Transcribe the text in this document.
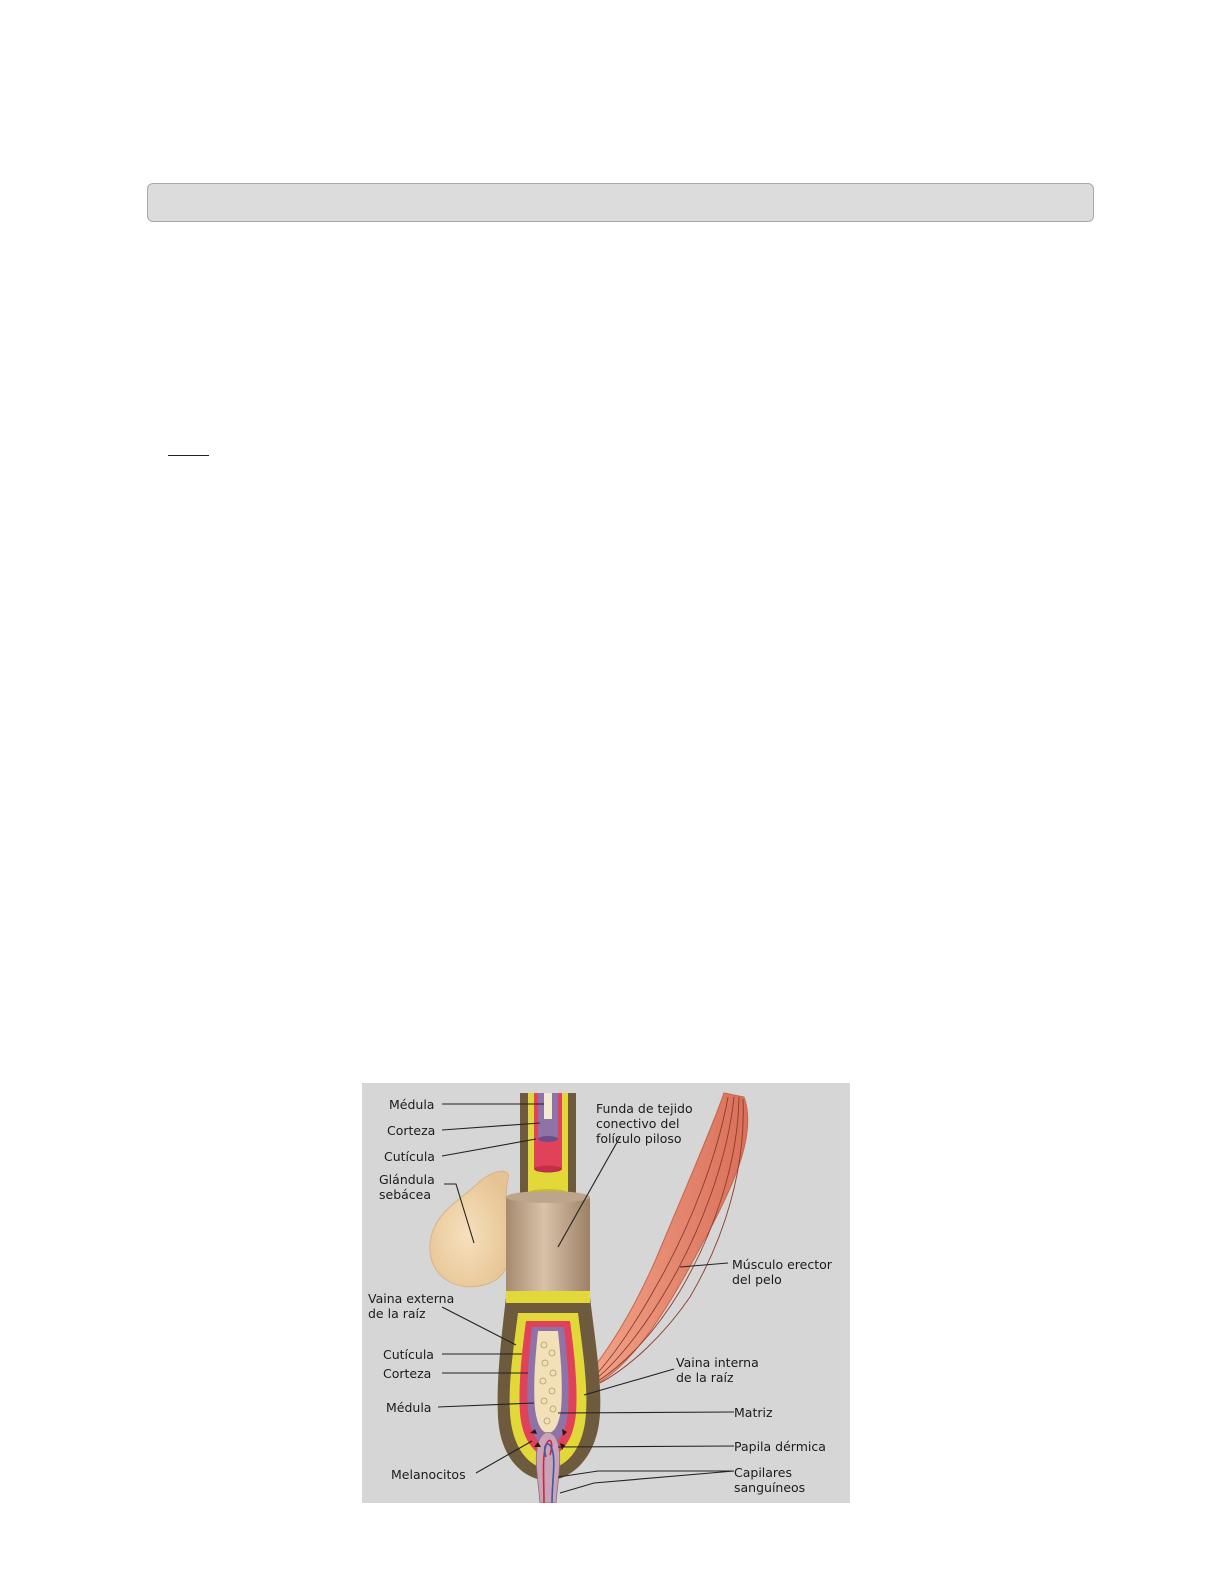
Médula
Corteza
Cutícula
Glándula
sebácea
Funda de tejido
conectivo del
folículo piloso
Músculo erector
del pelo
Vaina externa
de la raíz
Cutícula
Corteza
Vaina interna
de la raíz
Médula	Matriz
Papila dérmica
Melanocitos	Capilares
sanguíneos
